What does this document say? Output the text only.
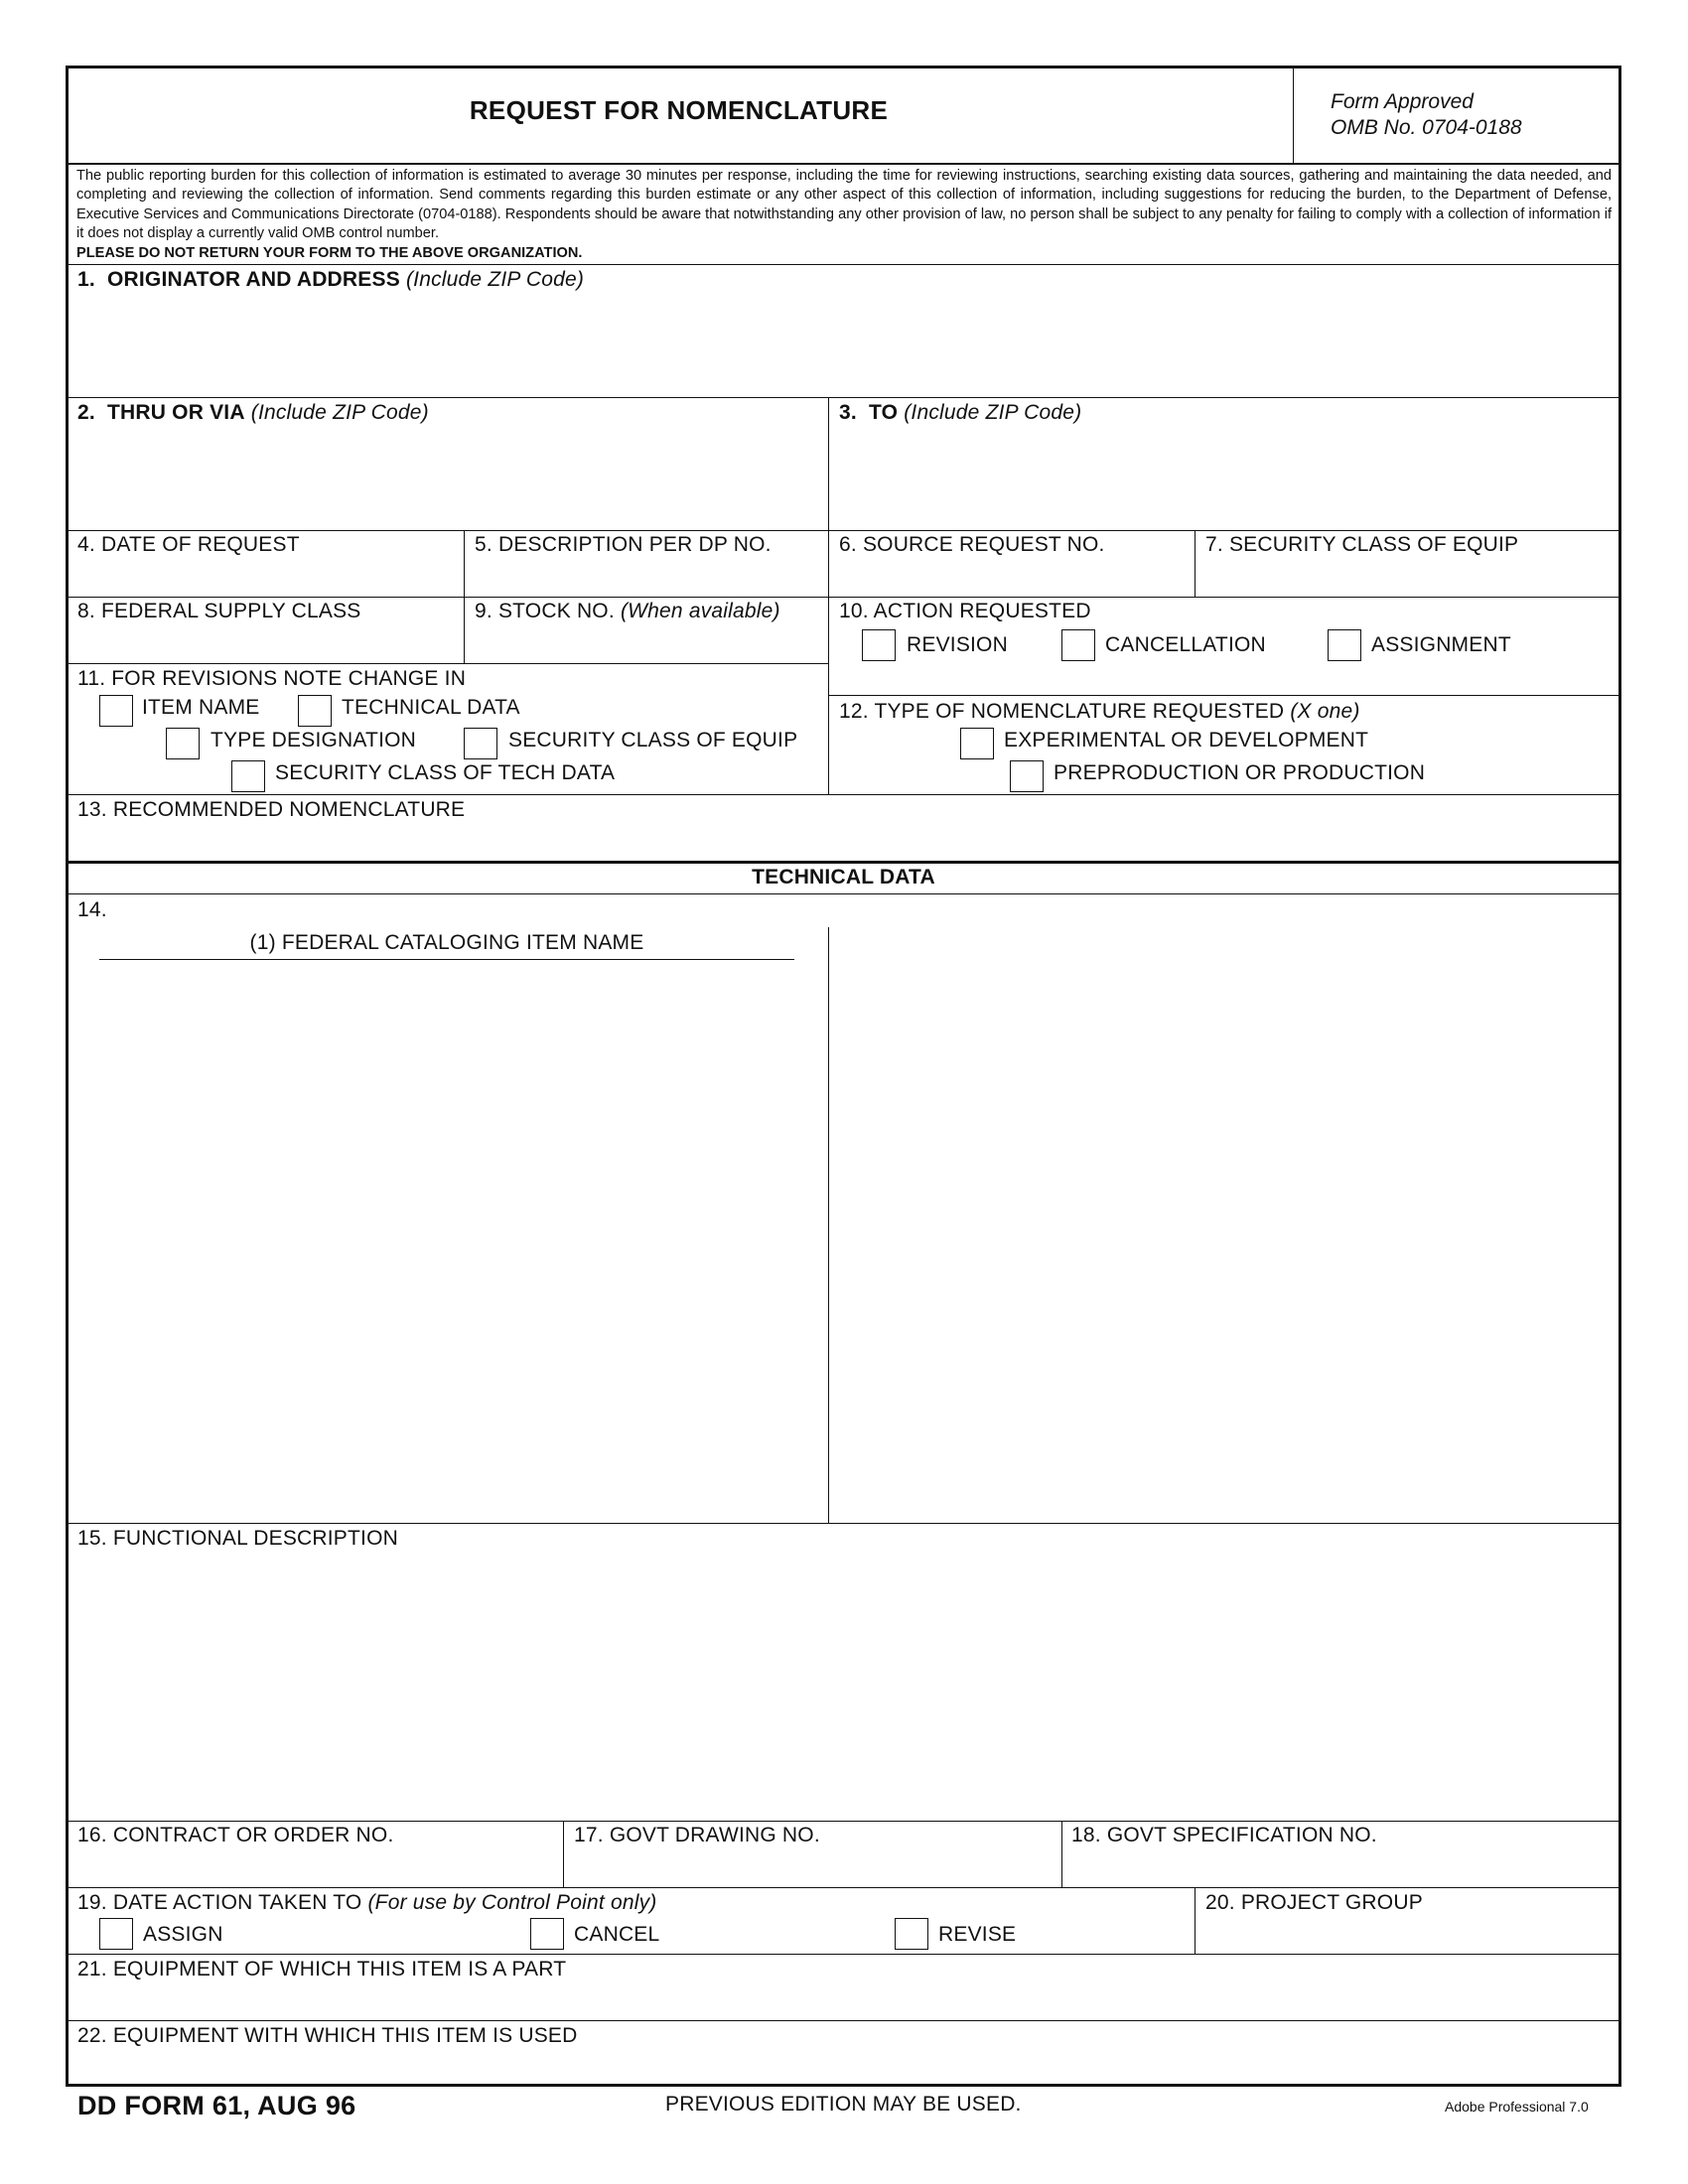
REQUEST FOR NOMENCLATURE	Form Approved
OMB No. 0704-0188
The public reporting burden for this collection of information is estimated to average 30 minutes per response, including the time for reviewing instructions, searching existing data sources, gathering and maintaining the data needed, and completing and reviewing the collection of information. Send comments regarding this burden estimate or any other aspect of this collection of information, including suggestions for reducing the burden, to the Department of Defense, Executive Services and Communications Directorate (0704-0188). Respondents should be aware that notwithstanding any other provision of law, no person shall be subject to any penalty for failing to comply with a collection of information if it does not display a currently valid OMB control number.
PLEASE DO NOT RETURN YOUR FORM TO THE ABOVE ORGANIZATION.
1. ORIGINATOR AND ADDRESS (Include ZIP Code)
2. THRU OR VIA (Include ZIP Code)	3. TO (Include ZIP Code)
4. DATE OF REQUEST	5. DESCRIPTION PER DP NO.	6. SOURCE REQUEST NO.	7. SECURITY CLASS OF EQUIP
8. FEDERAL SUPPLY CLASS	9. STOCK NO. (When available)	10. ACTION REQUESTED
REVISION	CANCELLATION	ASSIGNMENT
11. FOR REVISIONS NOTE CHANGE IN
ITEM NAME	TECHNICAL DATA
TYPE DESIGNATION	SECURITY CLASS OF EQUIP
SECURITY CLASS OF TECH DATA
12. TYPE OF NOMENCLATURE REQUESTED (X one)
EXPERIMENTAL OR DEVELOPMENT
PREPRODUCTION OR PRODUCTION
13. RECOMMENDED NOMENCLATURE
TECHNICAL DATA
14.
(1) FEDERAL CATALOGING ITEM NAME
15. FUNCTIONAL DESCRIPTION
16. CONTRACT OR ORDER NO.	17. GOVT DRAWING NO.	18. GOVT SPECIFICATION NO.
19. DATE ACTION TAKEN TO (For use by Control Point only)
ASSIGN	CANCEL	REVISE
20. PROJECT GROUP
21. EQUIPMENT OF WHICH THIS ITEM IS A PART
22. EQUIPMENT WITH WHICH THIS ITEM IS USED
DD FORM 61, AUG 96	PREVIOUS EDITION MAY BE USED.	Adobe Professional 7.0
